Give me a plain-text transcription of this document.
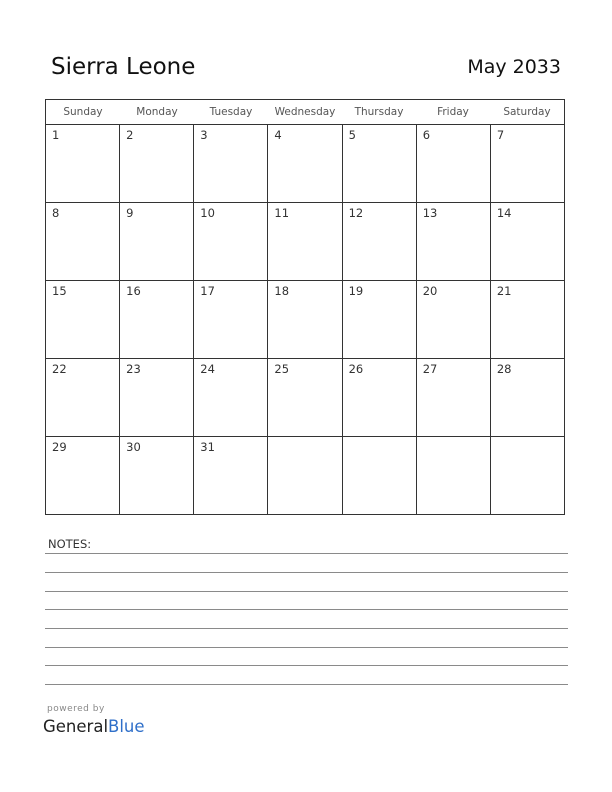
Sierra Leone	May 2033
Sunday	Monday	Tuesday	Wednesday	Thursday	Friday	Saturday
1	2	3	4	5	6	7
8	9	10	11	12	13	14
15	16	17	18	19	20	21
22	23	24	25	26	27	28
29	30	31
NOTES:
powered by
GeneralBlue
